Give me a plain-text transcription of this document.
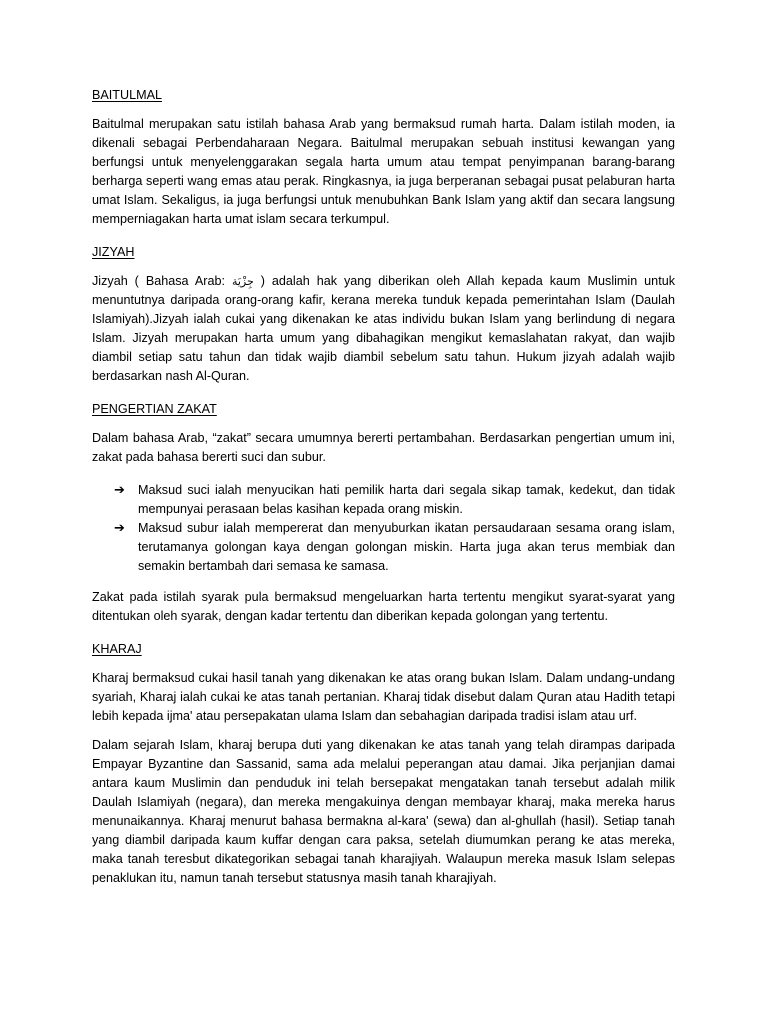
BAITULMAL

Baitulmal merupakan satu istilah bahasa Arab yang bermaksud rumah harta. Dalam istilah moden, ia dikenali sebagai Perbendaharaan Negara. Baitulmal merupakan sebuah institusi kewangan yang berfungsi untuk menyelenggarakan segala harta umum atau tempat penyimpanan barang-barang berharga seperti wang emas atau perak. Ringkasnya, ia juga berperanan sebagai pusat pelaburan harta umat Islam. Sekaligus, ia juga berfungsi untuk menubuhkan Bank Islam yang aktif dan secara langsung memperniagakan harta umat islam secara terkumpul.

JIZYAH

Jizyah ( Bahasa Arab: جِزْيَة ) adalah hak yang diberikan oleh Allah kepada kaum Muslimin untuk menuntutnya daripada orang-orang kafir, kerana mereka tunduk kepada pemerintahan Islam (Daulah Islamiyah).Jizyah ialah cukai yang dikenakan ke atas individu bukan Islam yang berlindung di negara Islam. Jizyah merupakan harta umum yang dibahagikan mengikut kemaslahatan rakyat, dan wajib diambil setiap satu tahun dan tidak wajib diambil sebelum satu tahun. Hukum jizyah adalah wajib berdasarkan nash Al-Quran.

PENGERTIAN ZAKAT

Dalam bahasa Arab, “zakat” secara umumnya bererti pertambahan. Berdasarkan pengertian umum ini, zakat pada bahasa bererti suci dan subur.

➔ Maksud suci ialah menyucikan hati pemilik harta dari segala sikap tamak, kedekut, dan tidak mempunyai perasaan belas kasihan kepada orang miskin.
➔ Maksud subur ialah mempererat dan menyuburkan ikatan persaudaraan sesama orang islam, terutamanya golongan kaya dengan golongan miskin. Harta juga akan terus membiak dan semakin bertambah dari semasa ke samasa.

Zakat pada istilah syarak pula bermaksud mengeluarkan harta tertentu mengikut syarat-syarat yang ditentukan oleh syarak, dengan kadar tertentu dan diberikan kepada golongan yang tertentu.

KHARAJ

Kharaj bermaksud cukai hasil tanah yang dikenakan ke atas orang bukan Islam. Dalam undang-undang syariah, Kharaj ialah cukai ke atas tanah pertanian. Kharaj tidak disebut dalam Quran atau Hadith tetapi lebih kepada ijma' atau persepakatan ulama Islam dan sebahagian daripada tradisi islam atau urf.

Dalam sejarah Islam, kharaj berupa duti yang dikenakan ke atas tanah yang telah dirampas daripada Empayar Byzantine dan Sassanid, sama ada melalui peperangan atau damai. Jika perjanjian damai antara kaum Muslimin dan penduduk ini telah bersepakat mengatakan tanah tersebut adalah milik Daulah Islamiyah (negara), dan mereka mengakuinya dengan membayar kharaj, maka mereka harus menunaikannya. Kharaj menurut bahasa bermakna al-kara' (sewa) dan al-ghullah (hasil). Setiap tanah yang diambil daripada kaum kuffar dengan cara paksa, setelah diumumkan perang ke atas mereka, maka tanah teresbut dikategorikan sebagai tanah kharajiyah. Walaupun mereka masuk Islam selepas penaklukan itu, namun tanah tersebut statusnya masih tanah kharajiyah.
